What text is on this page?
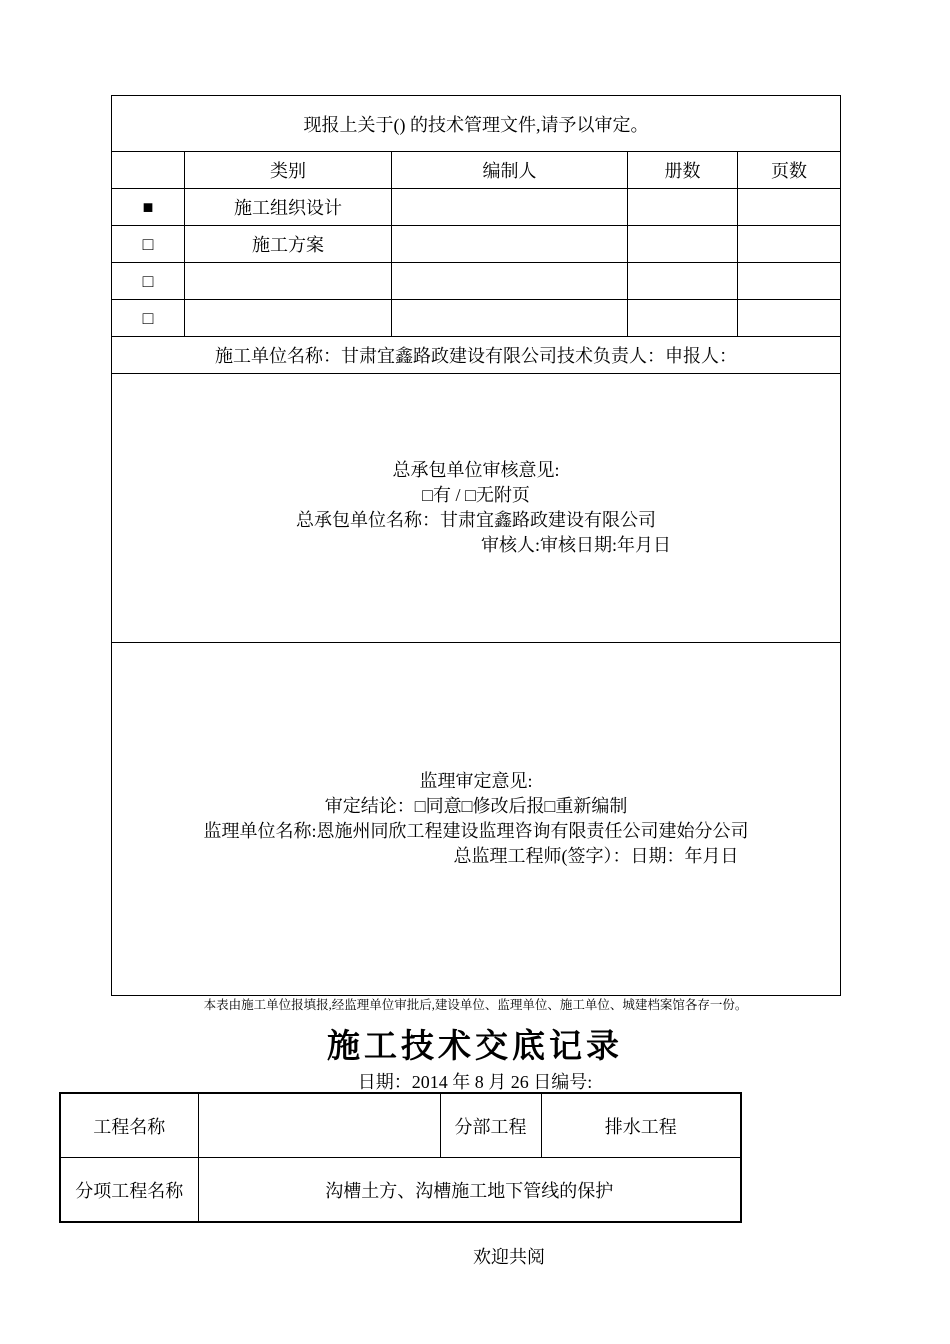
现报上关于() 的技术管理文件,请予以审定。				
	类别	编制人	册数	页数
■	施工组织设计			
□	施工方案			
□				
□				
施工单位名称：甘肃宜鑫路政建设有限公司技术负责人：申报人：				

总承包单位审核意见:
□有 / □无附页
总承包单位名称：甘肃宜鑫路政建设有限公司
审核人:审核日期:年月日				

监理审定意见:
审定结论：□同意□修改后报□重新编制
监理单位名称:恩施州同欣工程建设监理咨询有限责任公司建始分公司
总监理工程师(签字）：日期：年月日				
本表由施工单位报填报,经监理单位审批后,建设单位、监理单位、施工单位、城建档案馆各存一份。
施工技术交底记录
日期：2014 年 8 月 26 日编号:
工程名称		分部工程	排水工程
分项工程名称	沟槽土方、沟槽施工地下管线的保护		
欢迎共阅
